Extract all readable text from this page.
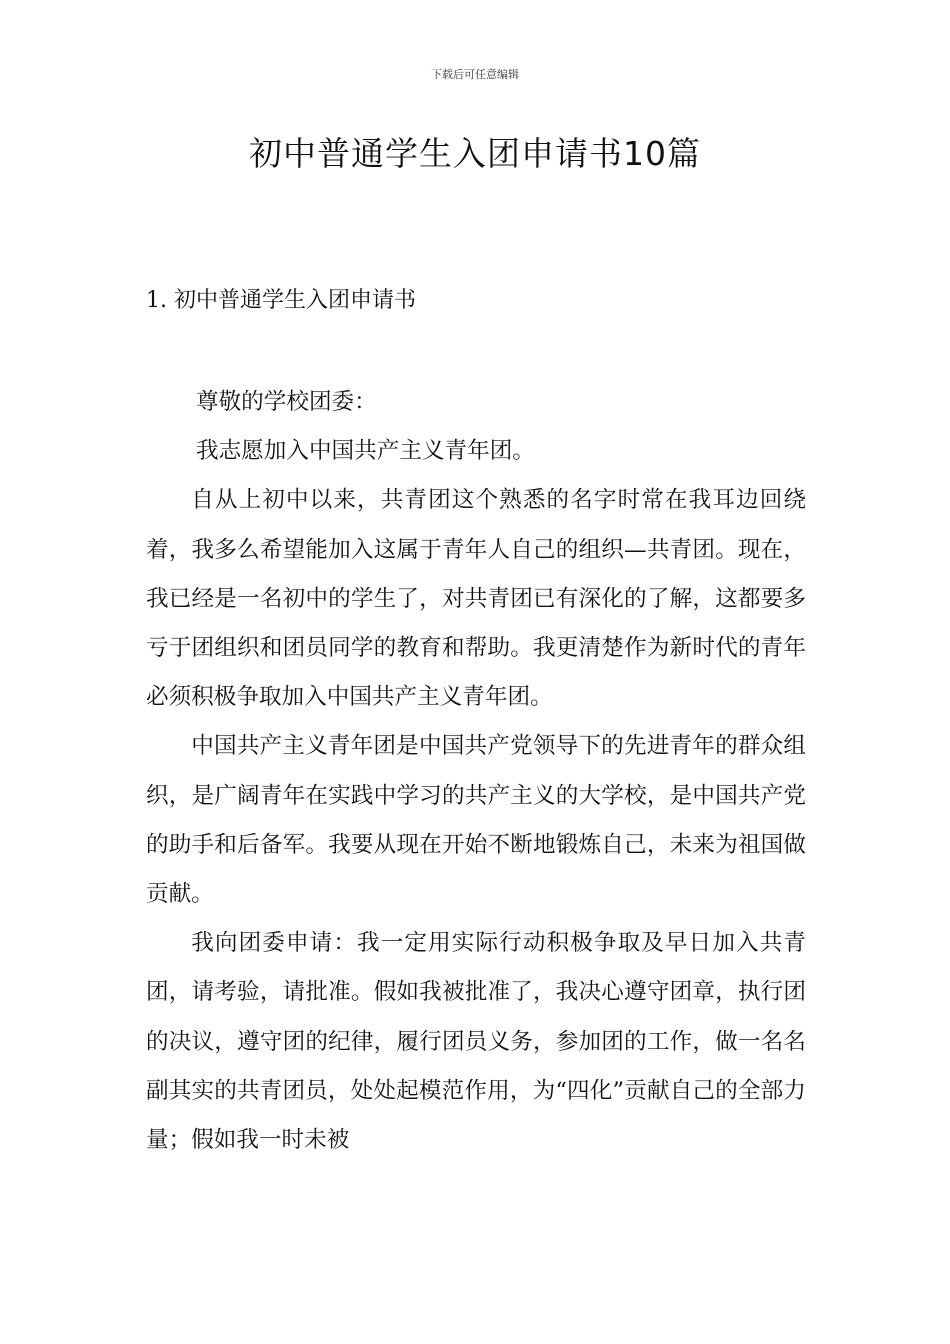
下载后可任意编辑
初中普通学生入团申请书10篇
1. 初中普通学生入团申请书

尊敬的学校团委：

我志愿加入中国共产主义青年团。

自从上初中以来，共青团这个熟悉的名字时常在我耳边回绕着，我多么希望能加入这属于青年人自己的组织—共青团。现在，我已经是一名初中的学生了，对共青团已有深化的了解，这都要多亏于团组织和团员同学的教育和帮助。我更清楚作为新时代的青年必须积极争取加入中国共产主义青年团。

中国共产主义青年团是中国共产党领导下的先进青年的群众组织，是广阔青年在实践中学习的共产主义的大学校，是中国共产党的助手和后备军。我要从现在开始不断地锻炼自己，未来为祖国做贡献。

我向团委申请：我一定用实际行动积极争取及早日加入共青团，请考验，请批准。假如我被批准了，我决心遵守团章，执行团的决议，遵守团的纪律，履行团员义务，参加团的工作，做一名名副其实的共青团员，处处起模范作用，为“四化”贡献自己的全部力量；假如我一时未被
